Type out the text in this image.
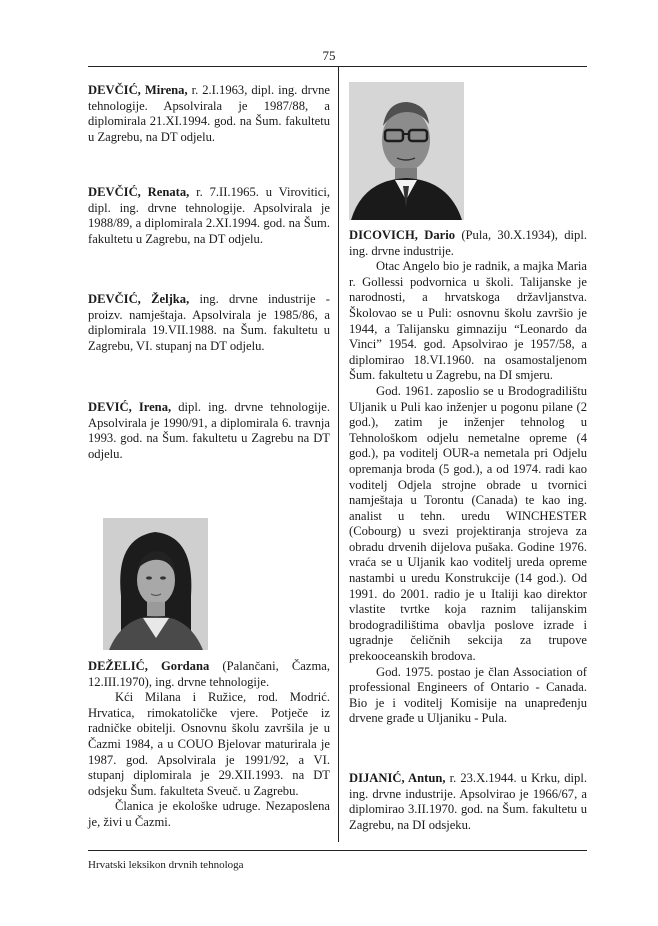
75

DEVČIĆ, Mirena, r. 2.I.1963, dipl. ing. drvne tehnologije. Apsolvirala je 1987/88, a diplomirala 21.XI.1994. god. na Šum. fakultetu u Zagrebu, na DT odjelu.

DEVČIĆ, Renata, r. 7.II.1965. u Virovitici, dipl. ing. drvne tehnologije. Apsolvirala je 1988/89, a diplomirala 2.XI.1994. god. na Šum. fakultetu u Zagrebu, na DT odjelu.

DEVČIĆ, Željka, ing. drvne industrije - proizv. namještaja. Apsolvirala je 1985/86, a diplomirala 19.VII.1988. na Šum. fakultetu u Zagrebu, VI. stupanj na DT odjelu.

DEVIĆ, Irena, dipl. ing. drvne tehnologije. Apsolvirala je 1990/91, a diplomirala 6. travnja 1993. god. na Šum. fakultetu u Zagrebu na DT odjelu.

DEŽELIĆ, Gordana (Palančani, Čazma, 12.III.1970), ing. drvne tehnologije.

Kći Milana i Ružice, rod. Modrić. Hrvatica, rimokatoličke vjere. Potječe iz radničke obitelji. Osnovnu školu završila je u Čazmi 1984, a u COUO Bjelovar maturirala je 1987. god. Apsolvirala je 1991/92, a VI. stupanj diplomirala je 29.XII.1993. na DT odsjeku Šum. fakulteta Sveuč. u Zagrebu.

Članica je ekološke udruge. Nezaposlena je, živi u Čazmi.

DICOVICH, Dario (Pula, 30.X.1934), dipl. ing. drvne industrije.

Otac Angelo bio je radnik, a majka Maria r. Gollessi podvornica u školi. Talijanske je narodnosti, a hrvatskoga državljanstva. Školovao se u Puli: osnovnu školu završio je 1944, a Talijansku gimnaziju “Leonardo da Vinci” 1954. god. Apsolvirao je 1957/58, a diplomirao 18.VI.1960. na osamostaljenom Šum. fakultetu u Zagrebu, na DI smjeru.

God. 1961. zaposlio se u Brodogradilištu Uljanik u Puli kao inženjer u pogonu pilane (2 god.), zatim je inženjer tehnolog u Tehnološkom odjelu nemetalne opreme (4 god.), pa voditelj OUR-a nemetala pri Odjelu opremanja broda (5 god.), a od 1974. radi kao voditelj Odjela strojne obrade u tvornici namještaja u Torontu (Canada) te kao ing. analist u tehn. uredu WINCHESTER (Cobourg) u svezi projektiranja strojeva za obradu drvenih dijelova pušaka. Godine 1976. vraća se u Uljanik kao voditelj ureda opreme nastambi u uredu Konstrukcije (14 god.). Od 1991. do 2001. radio je u Italiji kao direktor vlastite tvrtke koja raznim talijanskim brodogradilištima obavlja poslove izrade i ugradnje čeličnih sekcija za trupove prekooceanskih brodova.

God. 1975. postao je član Association of professional Engineers of Ontario - Canada. Bio je i voditelj Komisije na unapređenju drvene građe u Uljaniku - Pula.

DIJANIĆ, Antun, r. 23.X.1944. u Krku, dipl. ing. drvne industrije. Apsolvirao je 1966/67, a diplomirao 3.II.1970. god. na Šum. fakultetu u Zagrebu, na DI odsjeku.

Hrvatski leksikon drvnih tehnologa
